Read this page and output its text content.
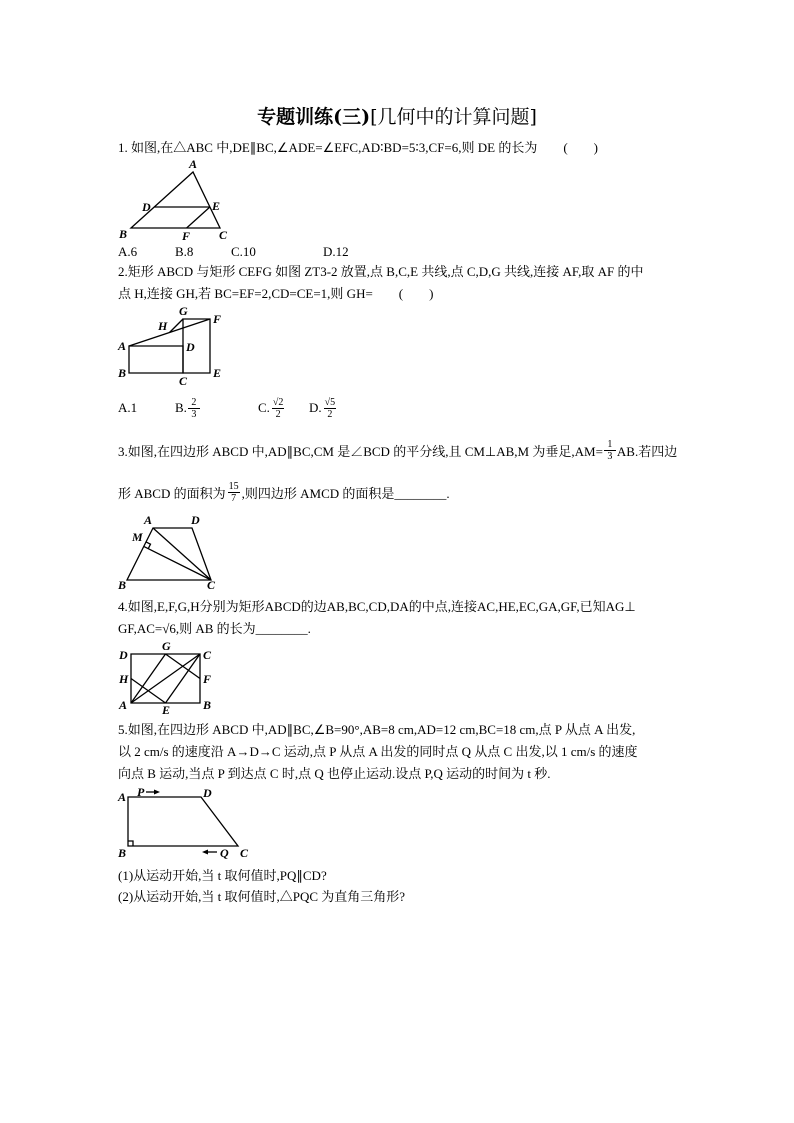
专题训练(三)[几何中的计算问题]
1. 如图,在△ABC 中,DE∥BC,∠ADE=∠EFC,AD∶BD=5∶3,CF=6,则 DE 的长为　　(　　)
A
D	E
B	F C
A.6	B.8	C.10	D.12
2.矩形 ABCD 与矩形 CEFG 如图 ZT3-2 放置,点 B,C,E 共线,点 C,D,G 共线,连接 AF,取 AF 的中
点 H,连接 GH,若 BC=EF=2,CD=CE=1,则 GH=　　(　　)
G
H	F
A	D
B
C
E
A.1	B. $\frac{2}{3}$	C. $\frac{√2}{2} D$. $\frac{√5}{2}$
3.如图,在四边形 ABCD 中,AD∥BC,CM 是∠BCD 的平分线,且 CM⊥AB,M 为垂足$,AM= \frac{1}{3}$ AB.若四边
形 ABCD 的面积为 $\frac{15}{7}$ ,则四边形 AMCD 的面积是________.
A	D
M
B	C
4.如图,E,F,G,H分别为矩形ABCD的边AB,BC,CD,DA的中点,连接AC,HE,EC,GA,GF,已知AG⊥
GF,AC=√6,则 AB 的长为________.
D
G
C
H	F
A	E	B
5.如图,在四边形 ABCD 中,AD∥BC,∠B=90°,AB=8 cm,AD=12 cm,BC=18 cm,点 P 从点 A 出发,
以 2 cm/s 的速度沿 A→D→C 运动,点 P 从点 A 出发的同时点 Q 从点 C 出发,以 1 cm/s 的速度
向点 B 运动,当点 P 到达点 C 时,点 Q 也停止运动.设点 P,Q 运动的时间为 t 秒.
A P	D
B	Q C
(1)从运动开始,当 t 取何值时,PQ∥CD?
(2)从运动开始,当 t 取何值时,△PQC 为直角三角形?
